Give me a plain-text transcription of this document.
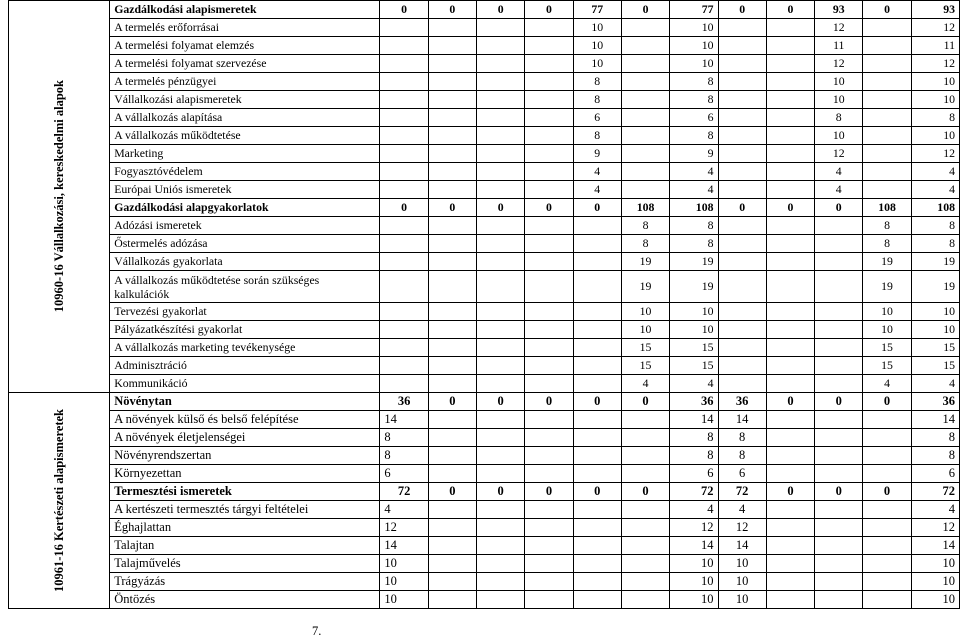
10960-16 Vállalkozási, kereskedelmi alapok	Gazdálkodási alapismeretek	0	0	0	0	77	0	77	0	0	93	0	93
	A termelés erőforrásai					10		10			12		12
	A termelési folyamat elemzés					10		10			11		11
	A termelési folyamat szervezése					10		10			12		12
	A termelés pénzügyei					8		8			10		10
	Vállalkozási alapismeretek					8		8			10		10
	A vállalkozás alapítása					6		6			8		8
	A vállalkozás működtetése					8		8			10		10
	Marketing					9		9			12		12
	Fogyasztóvédelem					4		4			4		4
	Európai Uniós ismeretek					4		4			4		4
	Gazdálkodási alapgyakorlatok	0	0	0	0	0	108	108	0	0	0	108	108
	Adózási ismeretek						8	8				8	8
	Őstermelés adózása						8	8				8	8
	Vállalkozás gyakorlata						19	19				19	19
	A vállalkozás működtetése során szükséges kalkulációk						19	19				19	19
	Tervezési gyakorlat						10	10				10	10
	Pályázatkészítési gyakorlat						10	10				10	10
	A vállalkozás marketing tevékenysége						15	15				15	15
	Adminisztráció						15	15				15	15
	Kommunikáció						4	4				4	4

10961-16 Kertészeti alapismeretek	Növénytan	36	0	0	0	0	0	36	36	0	0	0	36
	A növények külső és belső felépítése	14						14	14				14
	A növények életjelenségei	8						8	8				8
	Növényrendszertan	8						8	8				8
	Környezettan	6						6	6				6
	Termesztési ismeretek	72	0	0	0	0	0	72	72	0	0	0	72
	A kertészeti termesztés tárgyi feltételei	4						4	4				4
	Éghajlattan	12						12	12				12
	Talajtan	14						14	14				14
	Talajművelés	10						10	10				10
	Trágyázás	10						10	10				10
	Öntözés	10						10	10				10
7.
